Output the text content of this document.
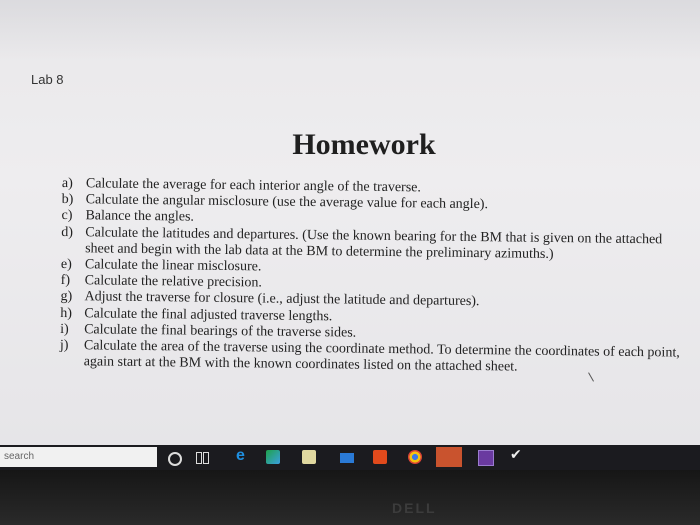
Lab 8
Homework
a) Calculate the average for each interior angle of the traverse.
b) Calculate the angular misclosure (use the average value for each angle).
c) Balance the angles.
d) Calculate the latitudes and departures. (Use the known bearing for the BM that is given on the attached sheet and begin with the lab data at the BM to determine the preliminary azimuths.)
e) Calculate the linear misclosure.
f)	Calculate the relative precision.
g) Adjust the traverse for closure (i.e., adjust the latitude and departures).
h) Calculate the final adjusted traverse lengths.
i)	Calculate the final bearings of the traverse sides.
j)	Calculate the area of the traverse using the coordinate method. To determine the coordinates of each point, again start at the BM with the known coordinates listed on the attached sheet.
search	e	✔
DELL
